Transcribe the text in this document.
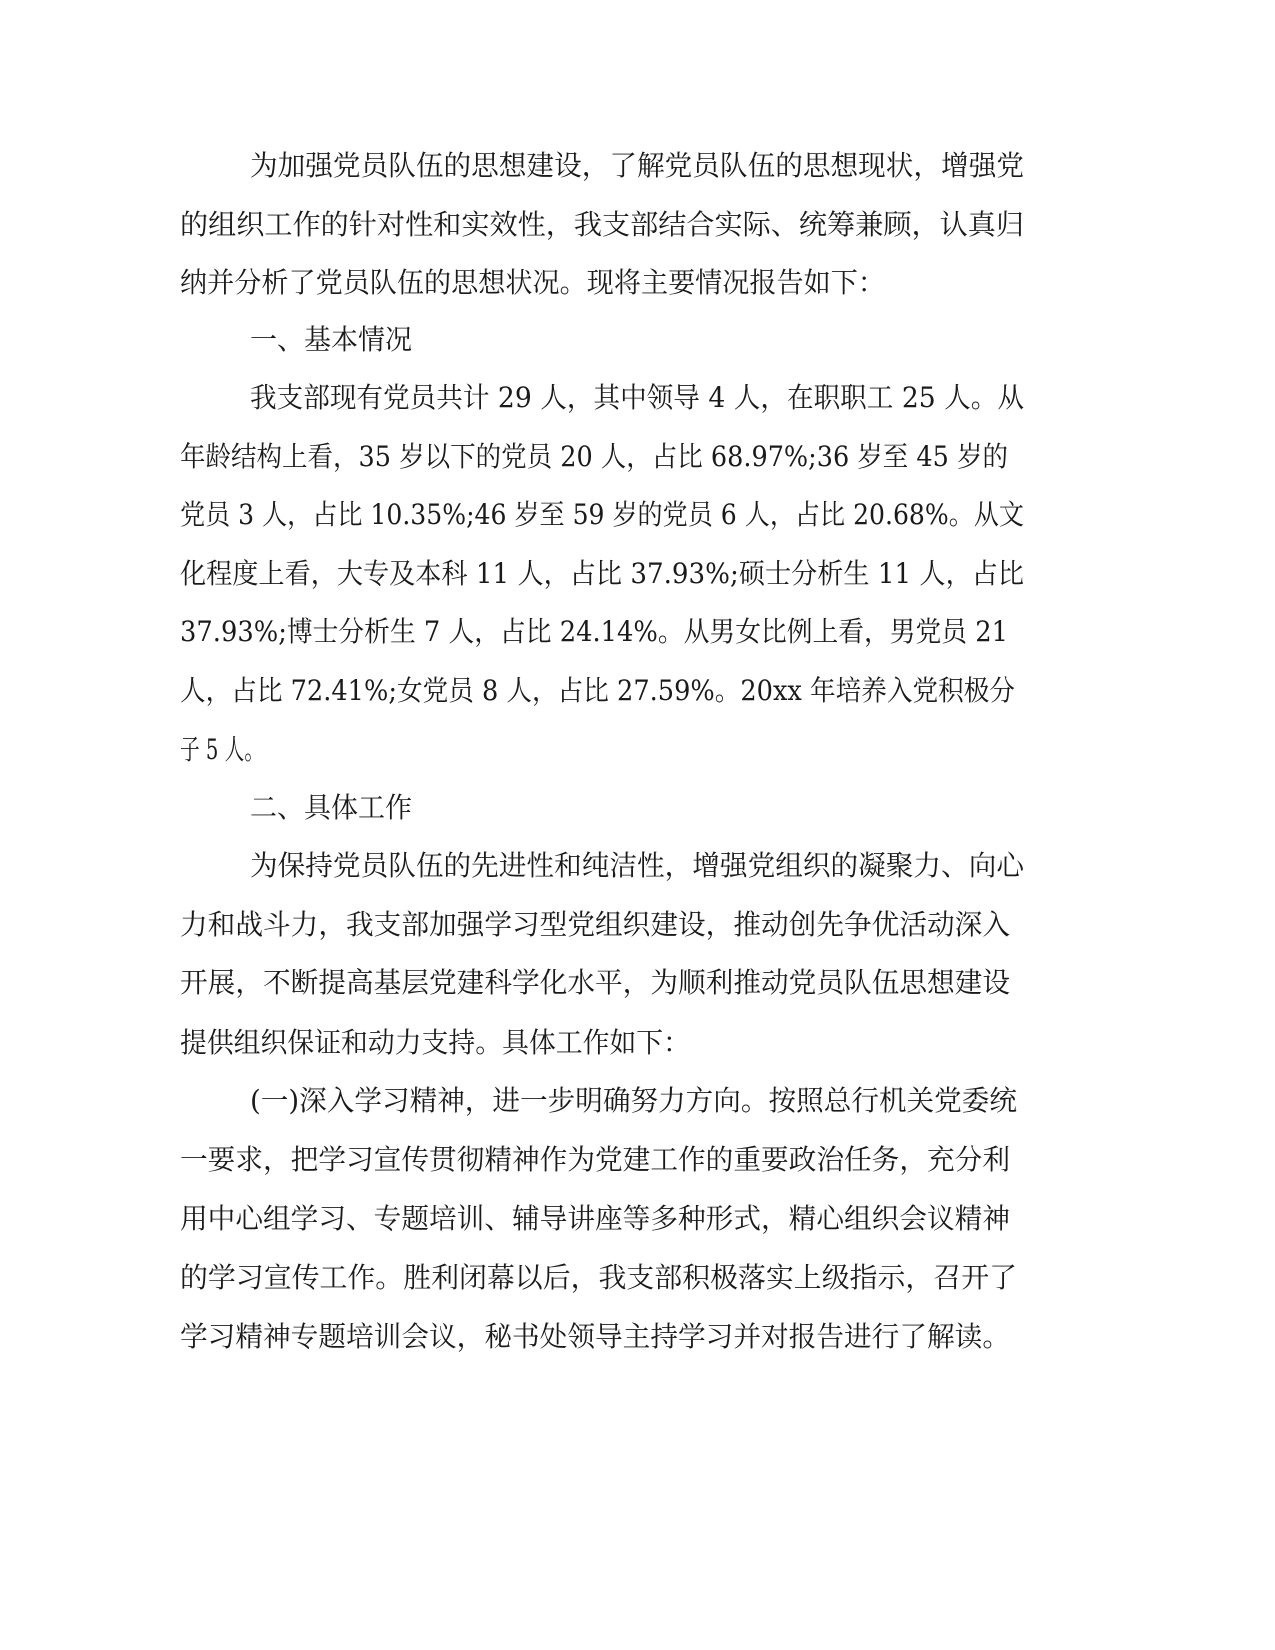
为加强党员队伍的思想建设，了解党员队伍的思想现状，增强党
的组织工作的针对性和实效性，我支部结合实际、统筹兼顾，认真归
纳并分析了党员队伍的思想状况。现将主要情况报告如下：
一、基本情况
我支部现有党员共计 29 人，其中领导 4 人，在职职工 25 人。从
年龄结构上看，35 岁以下的党员 20 人，占比 68.97%;36 岁至 45 岁的
党员 3 人，占比 10.35%;46 岁至 59 岁的党员 6 人，占比 20.68%。从文
化程度上看，大专及本科 11 人，占比 37.93%;硕士分析生 11 人，占比
37.93%;博士分析生 7 人，占比 24.14%。从男女比例上看，男党员 21
人，占比 72.41%;女党员 8 人，占比 27.59%。20xx 年培养入党积极分
子 5 人。
二、具体工作
为保持党员队伍的先进性和纯洁性，增强党组织的凝聚力、向心
力和战斗力，我支部加强学习型党组织建设，推动创先争优活动深入
开展，不断提高基层党建科学化水平，为顺利推动党员队伍思想建设
提供组织保证和动力支持。具体工作如下：
(一)深入学习精神，进一步明确努力方向。按照总行机关党委统
一要求，把学习宣传贯彻精神作为党建工作的重要政治任务，充分利
用中心组学习、专题培训、辅导讲座等多种形式，精心组织会议精神
的学习宣传工作。胜利闭幕以后，我支部积极落实上级指示，召开了
学习精神专题培训会议，秘书处领导主持学习并对报告进行了解读。
